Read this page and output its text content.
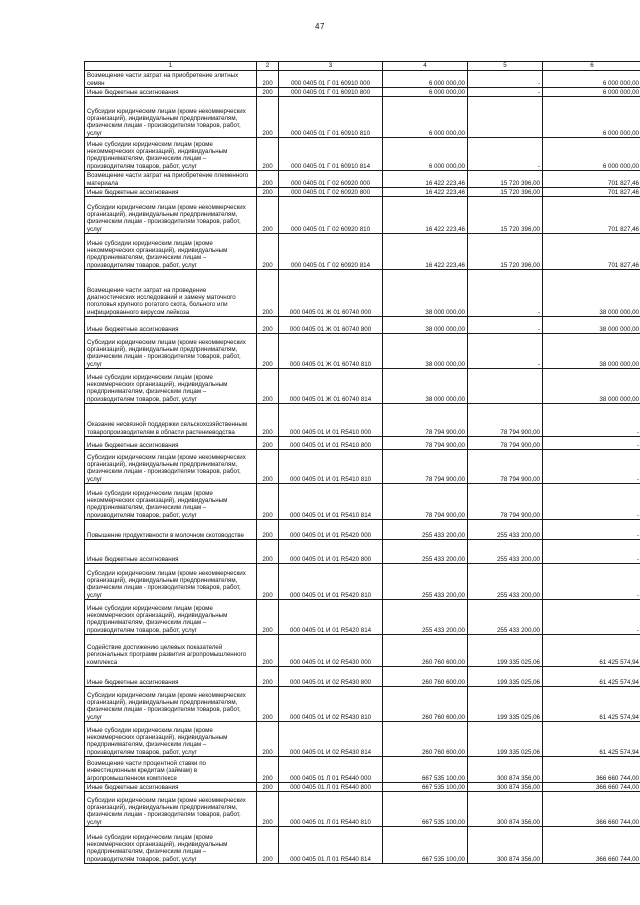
47
1	2	3	4	5	6
Возмещение части затрат на приобретение элитных семян	200	000 0405 01 Г 01 60910 000	6 000 000,00	-	6 000 000,00
Иные бюджетные ассигнования	200	000 0405 01 Г 01 60910 800	6 000 000,00	-	6 000 000,00
Субсидии юридическим лицам (кроме некоммерческих организаций), индивидуальным предпринимателям, физическим лицам - производителям товаров, работ, услуг	200	000 0405 01 Г 01 60910 810	6 000 000,00		6 000 000,00
Иные субсидии юридическим лицам (кроме некоммерческих организаций), индивидуальным предпринимателям, физическим лицам – производителям товаров, работ, услуг	200	000 0405 01 Г 01 60910 814	6 000 000,00	-	6 000 000,00
Возмещение части затрат на приобретение племенного материала	200	000 0405 01 Г 02 60920 000	16 422 223,46	15 720 396,00	701 827,46
Иные бюджетные ассигнования	200	000 0405 01 Г 02 60920 800	16 422 223,46	15 720 396,00	701 827,46
Субсидии юридическим лицам (кроме некоммерческих организаций), индивидуальным предпринимателям, физическим лицам - производителям товаров, работ, услуг	200	000 0405 01 Г 02 60920 810	16 422 223,46	15 720 396,00	701 827,46
Иные субсидии юридическим лицам (кроме некоммерческих организаций), индивидуальным предпринимателям, физическим лицам – производителям товаров, работ, услуг	200	000 0405 01 Г 02 60920 814	16 422 223,46	15 720 396,00	701 827,46
Возмещение части затрат на проведение диагностических исследований и замену маточного поголовья крупного рогатого скота, больного или инфицированного вирусом лейкоза	200	000 0405 01 Ж 01 60740 000	38 000 000,00	-	38 000 000,00
Иные бюджетные ассигнования	200	000 0405 01 Ж 01 60740 800	38 000 000,00	-	38 000 000,00
Субсидии юридическим лицам (кроме некоммерческих организаций), индивидуальным предпринимателям, физическим лицам - производителям товаров, работ, услуг	200	000 0405 01 Ж 01 60740 810	38 000 000,00	-	38 000 000,00
Иные субсидии юридическим лицам (кроме некоммерческих организаций), индивидуальным предпринимателям, физическим лицам – производителям товаров, работ, услуг	200	000 0405 01 Ж 01 60740 814	38 000 000,00		38 000 000,00
Оказание несвязной поддержки сельскохозяйственным товаропроизводителям в области растениеводства	200	000 0405 01 И 01 R5410 000	78 794 900,00	78 794 900,00	-
Иные бюджетные ассигнования	200	000 0405 01 И 01 R5410 800	78 794 900,00	78 794 900,00	-
Субсидии юридическим лицам (кроме некоммерческих организаций), индивидуальным предпринимателям, физическим лицам - производителям товаров, работ, услуг	200	000 0405 01 И 01 R5410 810	78 794 900,00	78 794 900,00	-
Иные субсидии юридическим лицам (кроме некоммерческих организаций), индивидуальным предпринимателям, физическим лицам – производителям товаров, работ, услуг	200	000 0405 01 И 01 R5410 814	78 794 900,00	78 794 900,00	-
Повышение продуктивности в молочном скотоводстве	200	000 0405 01 И 01 R5420 000	255 433 200,00	255 433 200,00	-
Иные бюджетные ассигнования	200	000 0405 01 И 01 R5420 800	255 433 200,00	255 433 200,00	-
Субсидии юридическим лицам (кроме некоммерческих организаций), индивидуальным предпринимателям, физическим лицам - производителям товаров, работ, услуг	200	000 0405 01 И 01 R5420 810	255 433 200,00	255 433 200,00	-
Иные субсидии юридическим лицам (кроме некоммерческих организаций), индивидуальным предпринимателям, физическим лицам – производителям товаров, работ, услуг	200	000 0405 01 И 01 R5420 814	255 433 200,00	255 433 200,00	-
Содействие достижению целевых показателей региональных программ развития агропромышленного комплекса	200	000 0405 01 И 02 R5430 000	260 760 600,00	199 335 025,06	61 425 574,94
Иные бюджетные ассигнования	200	000 0405 01 И 02 R5430 800	260 760 600,00	199 335 025,06	61 425 574,94
Субсидии юридическим лицам (кроме некоммерческих организаций), индивидуальным предпринимателям, физическим лицам - производителям товаров, работ, услуг	200	000 0405 01 И 02 R5430 810	260 760 600,00	199 335 025,06	61 425 574,94
Иные субсидии юридическим лицам (кроме некоммерческих организаций), индивидуальным предпринимателям, физическим лицам – производителям товаров, работ, услуг	200	000 0405 01 И 02 R5430 814	260 760 600,00	199 335 025,06	61 425 574,94
Возмещение части процентной ставки по инвестиционным кредитам (займам) в агропромышленном комплексе	200	000 0405 01 Л 01 R5440 000	667 535 100,00	300 874 356,00	366 660 744,00
Иные бюджетные ассигнования	200	000 0405 01 Л 01 R5440 800	667 535 100,00	300 874 356,00	366 660 744,00
Субсидии юридическим лицам (кроме некоммерческих организаций), индивидуальным предпринимателям, физическим лицам - производителям товаров, работ, услуг	200	000 0405 01 Л 01 R5440 810	667 535 100,00	300 874 356,00	366 660 744,00
Иные субсидии юридическим лицам (кроме некоммерческих организаций), индивидуальным предпринимателям, физическим лицам – производителям товаров, работ, услуг	200	000 0405 01 Л 01 R5440 814	667 535 100,00	300 874 356,00	366 660 744,00
